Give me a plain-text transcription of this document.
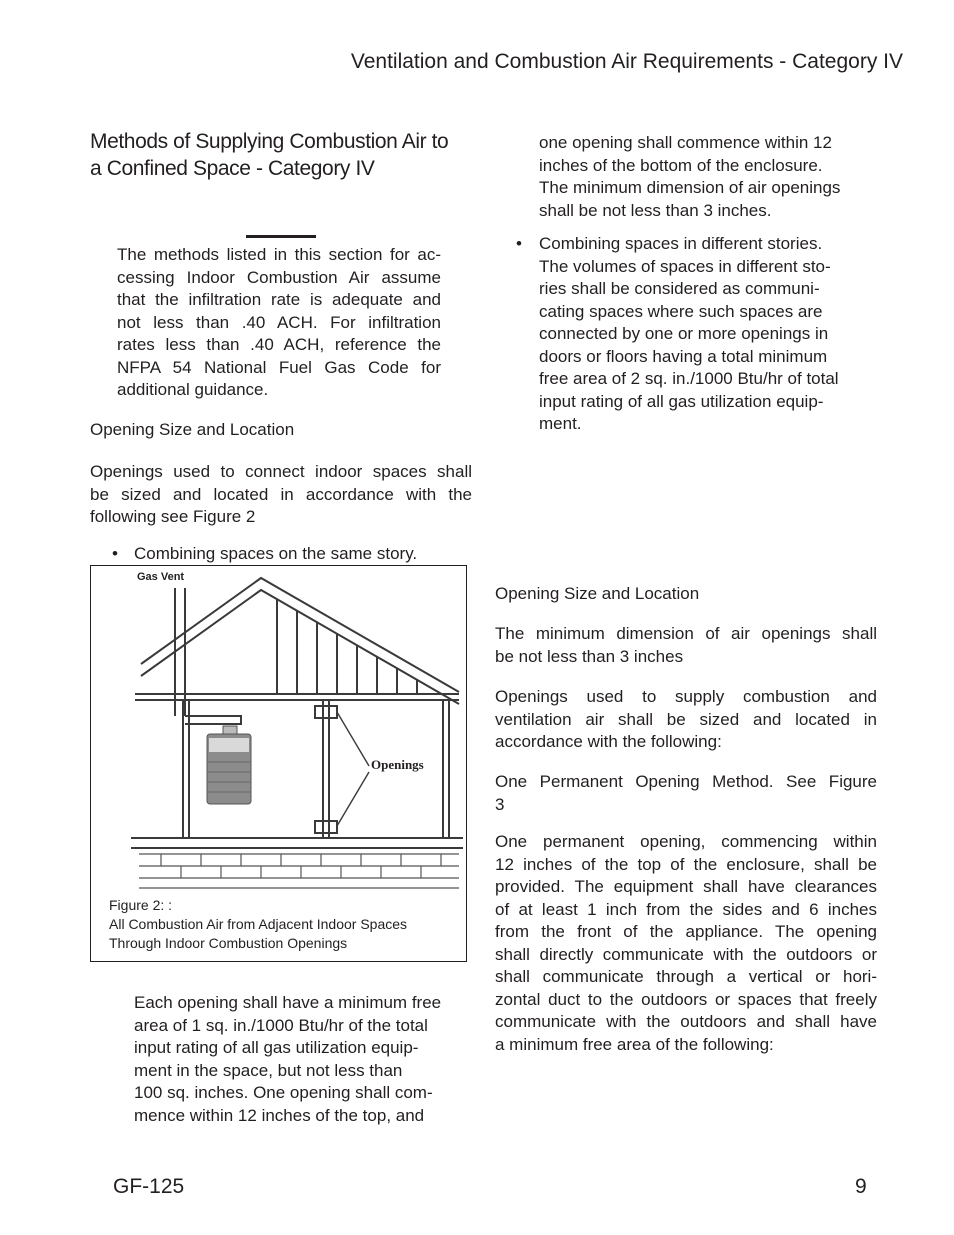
Ventilation and Combustion Air Requirements - Category IV
Methods of Supplying Combustion Air to
a Confined Space - Category IV
The methods listed in this section for ac-
cessing Indoor Combustion Air assume
that the infiltration rate is adequate and
not less than .40 ACH. For infiltration
rates less than .40 ACH, reference the
NFPA 54 National Fuel Gas Code for
additional guidance.
Opening Size and Location
Openings used to connect indoor spaces shall
be sized and located in accordance with the
following see Figure 2
• Combining spaces on the same story.
Gas Vent
Openings
Figure 2: :
All Combustion Air from Adjacent Indoor Spaces
Through Indoor Combustion Openings
Each opening shall have a minimum free
area of 1 sq. in./1000 Btu/hr of the total
input rating of all gas utilization equip-
ment in the space, but not less than
100 sq. inches. One opening shall com-
mence within 12 inches of the top, and
one opening shall commence within 12
inches of the bottom of the enclosure.
The minimum dimension of air openings
shall be not less than 3 inches.
•	Combining spaces in different stories.
The volumes of spaces in different sto-
ries shall be considered as communi-
cating spaces where such spaces are
connected by one or more openings in
doors or floors having a total minimum
free area of 2 sq. in./1000 Btu/hr of total
input rating of all gas utilization equip-
ment.
Opening Size and Location
The minimum dimension of air openings shall
be not less than 3 inches
Openings used to supply combustion and
ventilation air shall be sized and located in
accordance with the following:
One Permanent Opening Method. See Figure
3
One permanent opening, commencing within
12 inches of the top of the enclosure, shall be
provided. The equipment shall have clearances
of at least 1 inch from the sides and 6 inches
from the front of the appliance. The opening
shall directly communicate with the outdoors or
shall communicate through a vertical or hori-
zontal duct to the outdoors or spaces that freely
communicate with the outdoors and shall have
a minimum free area of the following:
GF-125	9
